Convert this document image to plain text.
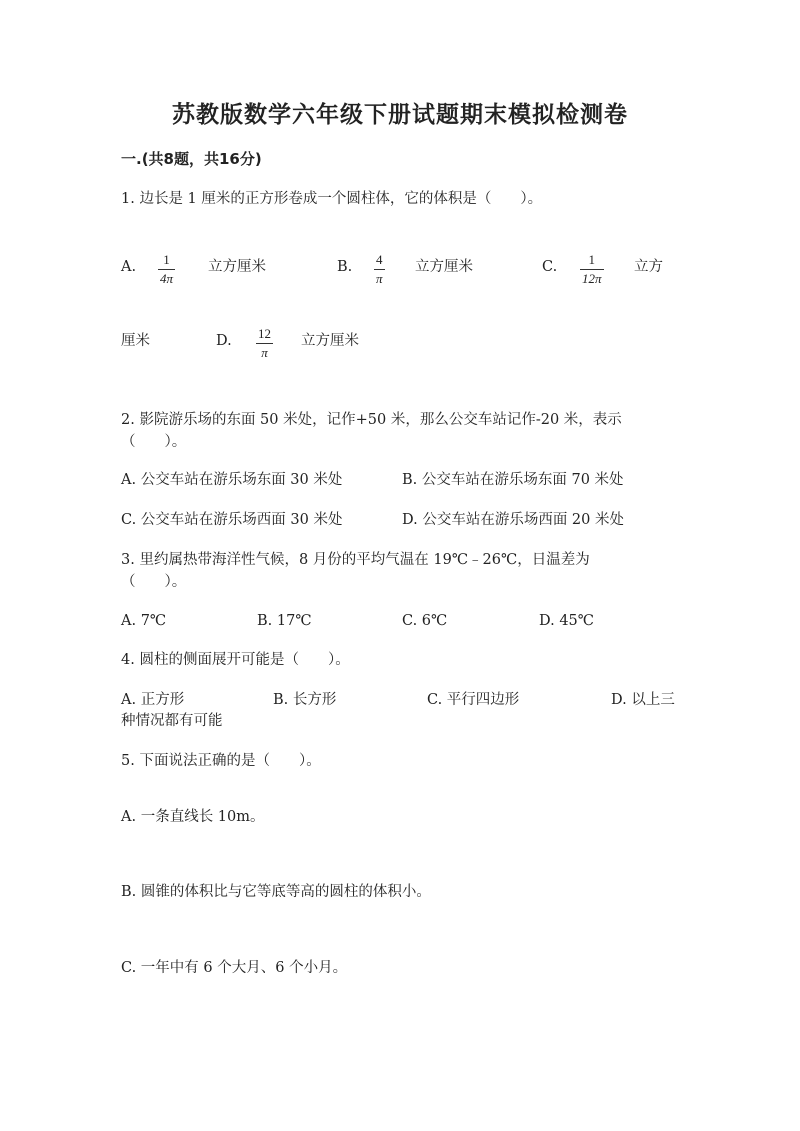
苏教版数学六年级下册试题期末模拟检测卷
一.(共8题，共16分)
1. 边长是 1 厘米的正方形卷成一个圆柱体，它的体积是（　　）。
A. 1
4π
立方厘米	B. 4
π
立方厘米	C. 1
12π
立方
厘米	D. 12
π
立方厘米
2. 影院游乐场的东面 50 米处，记作+50 米，那么公交车站记作-20 米，表示
（　　）。
A. 公交车站在游乐场东面 30 米处	B. 公交车站在游乐场东面 70 米处
C. 公交车站在游乐场西面 30 米处	D. 公交车站在游乐场西面 20 米处
3. 里约属热带海洋性气候，8 月份的平均气温在 19℃﹣26℃，日温差为
（　　）。
A. 7℃	B. 17℃	C. 6℃	D. 45℃
4. 圆柱的侧面展开可能是（　　）。
A. 正方形	B. 长方形	C. 平行四边形	D. 以上三
种情况都有可能
5. 下面说法正确的是（　　）。
A. 一条直线长 10m。
B. 圆锥的体积比与它等底等高的圆柱的体积小。
C. 一年中有 6 个大月、6 个小月。
